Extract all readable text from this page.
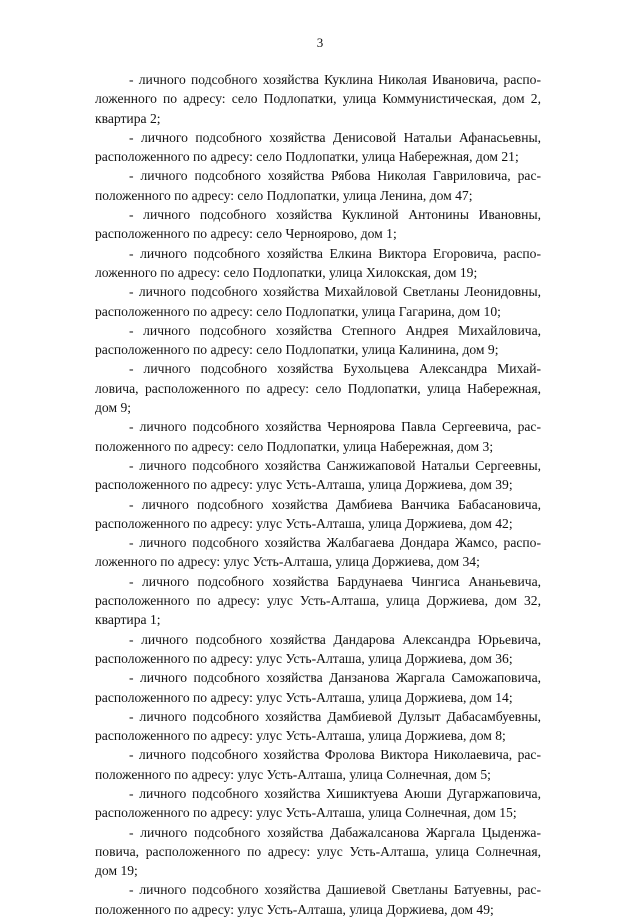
3
- личного подсобного хозяйства Куклина Николая Ивановича, распо-
ложенного по адресу: село Подлопатки, улица Коммунистическая, дом 2,
квартира 2;
- личного подсобного хозяйства Денисовой Натальи Афанасьевны,
расположенного по адресу: село Подлопатки, улица Набережная, дом 21;
- личного подсобного хозяйства Рябова Николая Гавриловича, рас-
положенного по адресу: село Подлопатки, улица Ленина, дом 47;
- личного подсобного хозяйства Куклиной Антонины Ивановны,
расположенного по адресу: село Черноярово, дом 1;
- личного подсобного хозяйства Елкина Виктора Егоровича, распо-
ложенного по адресу: село Подлопатки, улица Хилокская, дом 19;
- личного подсобного хозяйства Михайловой Светланы Леонидовны,
расположенного по адресу: село Подлопатки, улица Гагарина, дом 10;
- личного подсобного хозяйства Степного Андрея Михайловича,
расположенного по адресу: село Подлопатки, улица Калинина, дом 9;
- личного подсобного хозяйства Бухольцева Александра Михай-
ловича, расположенного по адресу: село Подлопатки, улица Набережная,
дом 9;
- личного подсобного хозяйства Черноярова Павла Сергеевича, рас-
положенного по адресу: село Подлопатки, улица Набережная, дом 3;
- личного подсобного хозяйства Санжижаповой Натальи Сергеевны,
расположенного по адресу: улус Усть-Алташа, улица Доржиева, дом 39;
- личного подсобного хозяйства Дамбиева Ванчика Бабасановича,
расположенного по адресу: улус Усть-Алташа, улица Доржиева, дом 42;
- личного подсобного хозяйства Жалбагаева Дондара Жамсо, распо-
ложенного по адресу: улус Усть-Алташа, улица Доржиева, дом 34;
- личного подсобного хозяйства Бардунаева Чингиса Ананьевича,
расположенного по адресу: улус Усть-Алташа, улица Доржиева, дом 32,
квартира 1;
- личного подсобного хозяйства Дандарова Александра Юрьевича,
расположенного по адресу: улус Усть-Алташа, улица Доржиева, дом 36;
- личного подсобного хозяйства Данзанова Жаргала Саможаповича,
расположенного по адресу: улус Усть-Алташа, улица Доржиева, дом 14;
- личного подсобного хозяйства Дамбиевой Дулзыт Дабасамбуевны,
расположенного по адресу: улус Усть-Алташа, улица Доржиева, дом 8;
- личного подсобного хозяйства Фролова Виктора Николаевича, рас-
положенного по адресу: улус Усть-Алташа, улица Солнечная, дом 5;
- личного подсобного хозяйства Хишиктуева Аюши Дугаржаповича,
расположенного по адресу: улус Усть-Алташа, улица Солнечная, дом 15;
- личного подсобного хозяйства Дабажалсанова Жаргала Цыденжа-
повича, расположенного по адресу: улус Усть-Алташа, улица Солнечная,
дом 19;
- личного подсобного хозяйства Дашиевой Светланы Батуевны, рас-
положенного по адресу: улус Усть-Алташа, улица Доржиева, дом 49;
